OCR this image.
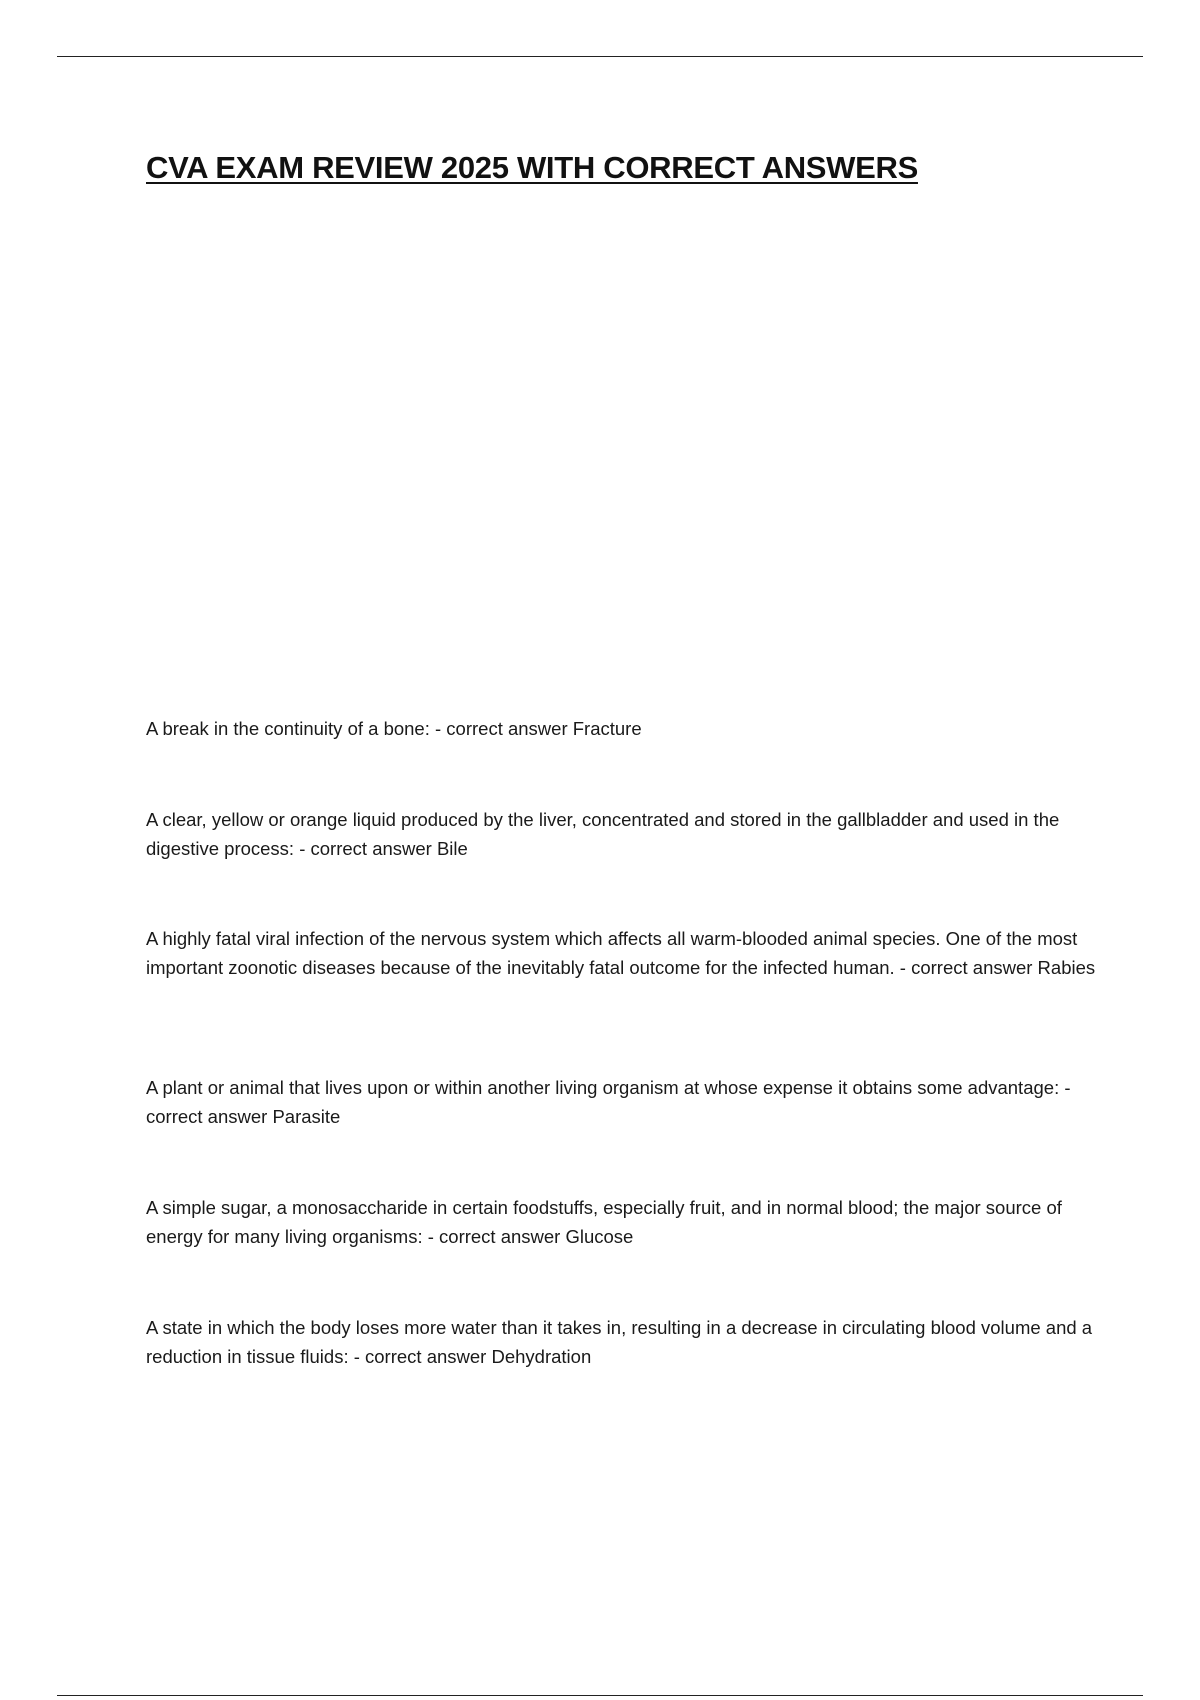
CVA EXAM REVIEW 2025 WITH CORRECT ANSWERS

A break in the continuity of a bone: - correct answer Fracture

A clear, yellow or orange liquid produced by the liver, concentrated and stored in the gallbladder and used in the digestive process: - correct answer Bile

A highly fatal viral infection of the nervous system which affects all warm-blooded animal species. One of the most important zoonotic diseases because of the inevitably fatal outcome for the infected human. - correct answer Rabies

A plant or animal that lives upon or within another living organism at whose expense it obtains some advantage: - correct answer Parasite

A simple sugar, a monosaccharide in certain foodstuffs, especially fruit, and in normal blood; the major source of energy for many living organisms: - correct answer Glucose

A state in which the body loses more water than it takes in, resulting in a decrease in circulating blood volume and a reduction in tissue fluids: - correct answer Dehydration
